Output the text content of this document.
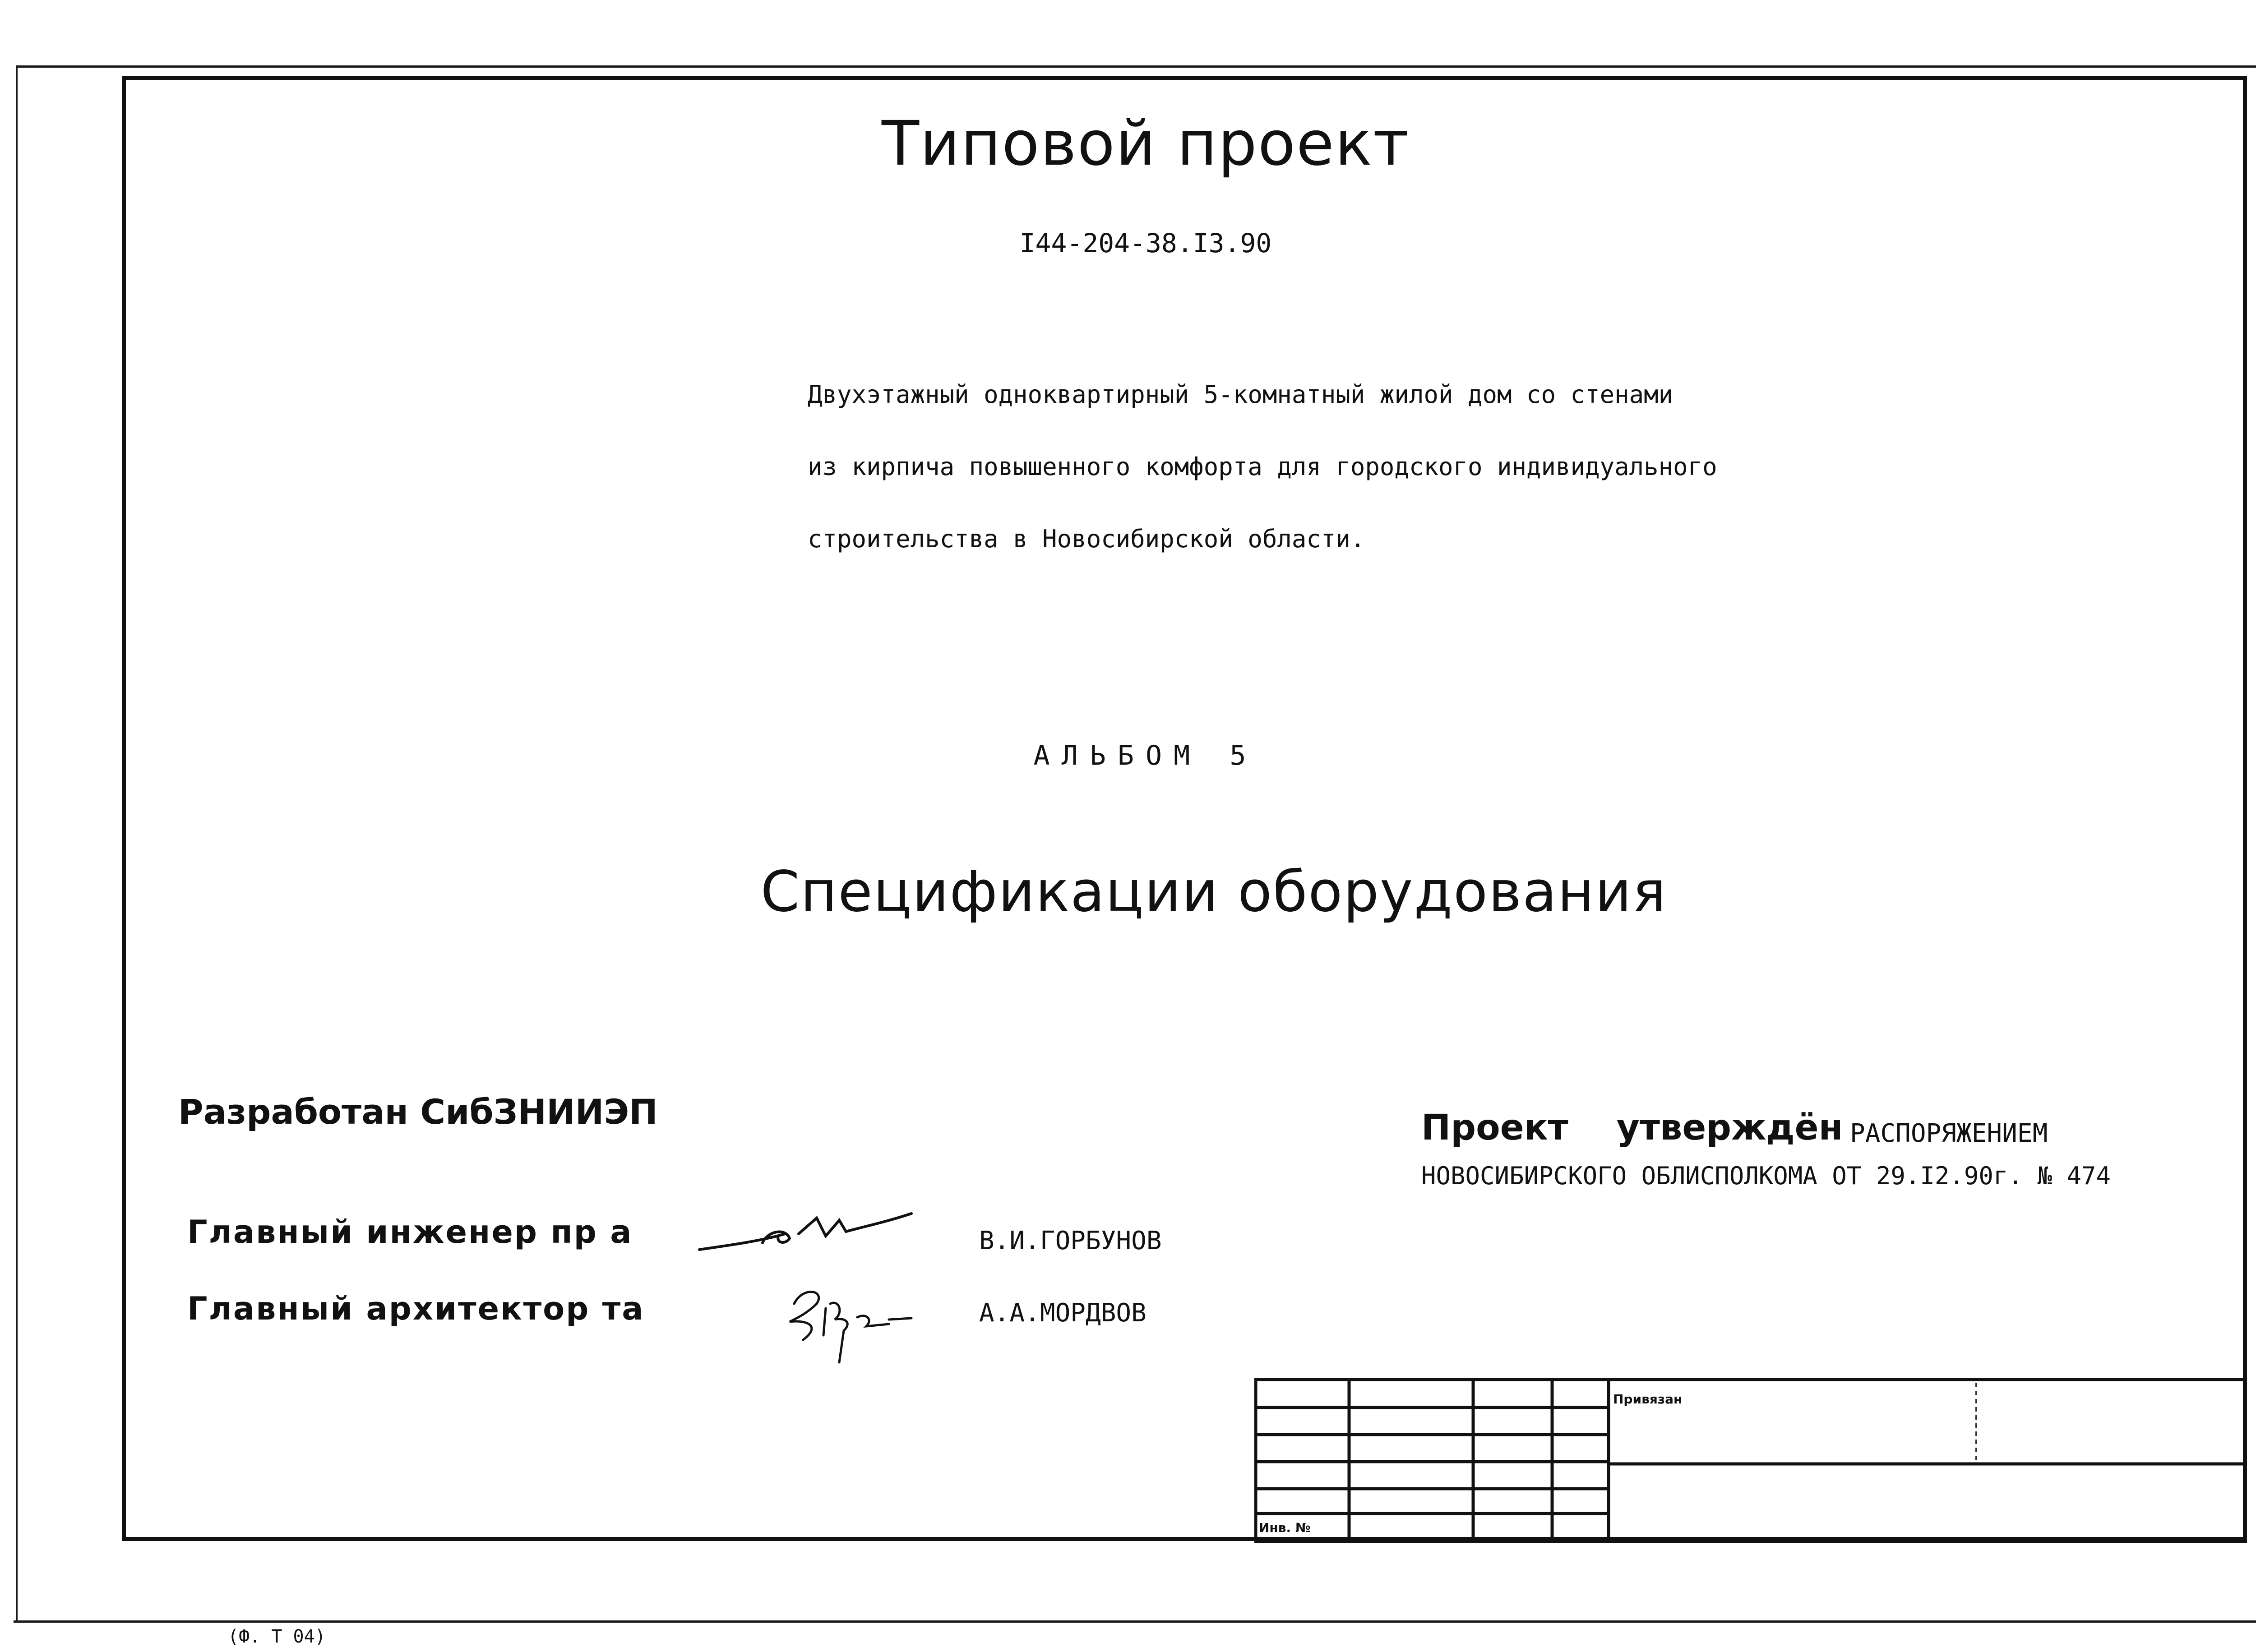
Типовой проект
I44-204-38.I3.90

Двухэтажный одноквартирный 5-комнатный жилой дом со стенами

из кирпича повышенного комфорта для городского индивидуального

строительства в Новосибирской области.

АЛЬБОМ 5
Спецификации оборудования
Разработан СибЗНИИЭП
Главный инженер пр а	В.И.ГОРБУНОВ
Главный архитектор та	А.А.МОРДВОВ
Проект утверждён РАСПОРЯЖЕНИЕМ
НОВОСИБИРСКОГО ОБЛИСПОЛКОМА ОТ 29.I2.90г. № 474
Привязан
Инв. №
(Ф. Т 04)
